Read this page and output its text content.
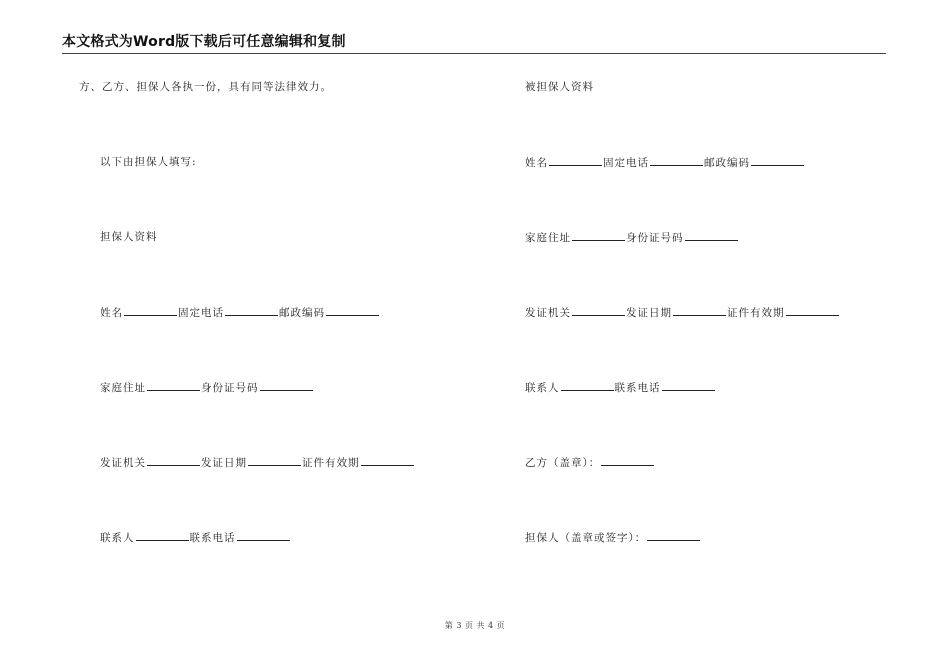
本文格式为Word版下载后可任意编辑和复制
方、乙方、担保人各执一份，具有同等法律效力。
以下由担保人填写:
担保人资料
姓名	固定电话	邮政编码
家庭住址	身份证号码
发证机关	发证日期	证件有效期
联系人	联系电话
被担保人资料
姓名	固定电话	邮政编码
家庭住址	身份证号码
发证机关	发证日期	证件有效期
联系人	联系电话
乙方（盖章）：
担保人（盖章或签字）：
第 3 页 共 4 页
